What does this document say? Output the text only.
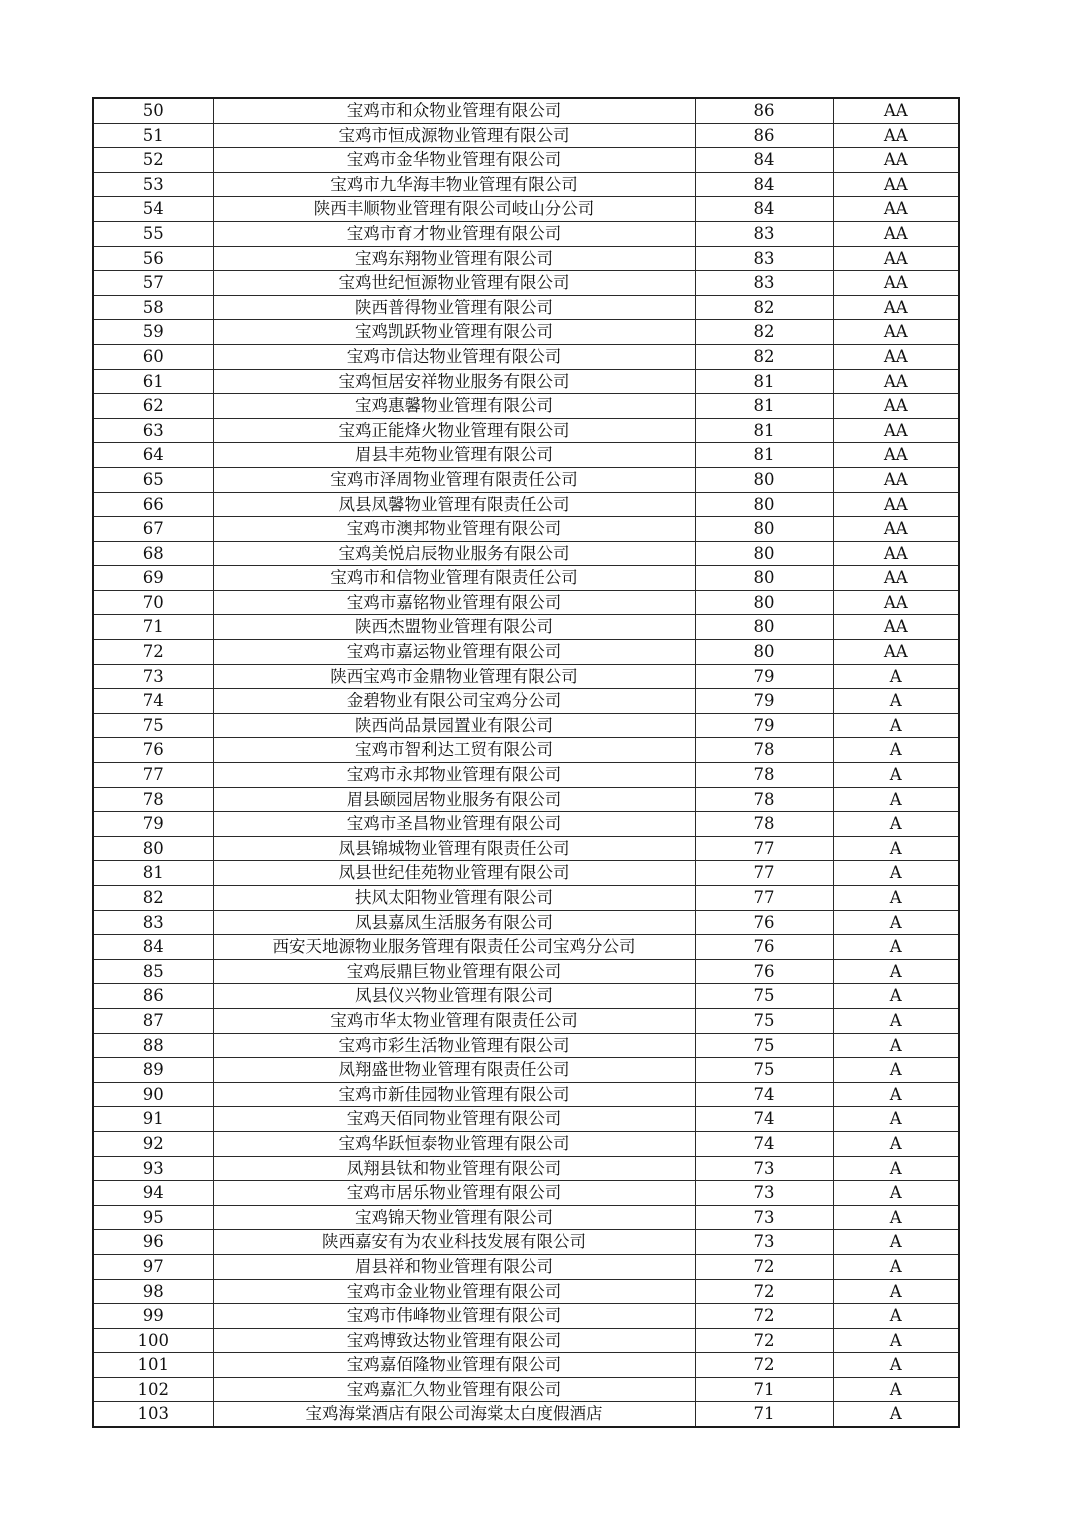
50	宝鸡市和众物业管理有限公司	86	AA
51	宝鸡市恒成源物业管理有限公司	86	AA
52	宝鸡市金华物业管理有限公司	84	AA
53	宝鸡市九华海丰物业管理有限公司	84	AA
54	陕西丰顺物业管理有限公司岐山分公司	84	AA
55	宝鸡市育才物业管理有限公司	83	AA
56	宝鸡东翔物业管理有限公司	83	AA
57	宝鸡世纪恒源物业管理有限公司	83	AA
58	陕西普得物业管理有限公司	82	AA
59	宝鸡凯跃物业管理有限公司	82	AA
60	宝鸡市信达物业管理有限公司	82	AA
61	宝鸡恒居安祥物业服务有限公司	81	AA
62	宝鸡惠馨物业管理有限公司	81	AA
63	宝鸡正能烽火物业管理有限公司	81	AA
64	眉县丰苑物业管理有限公司	81	AA
65	宝鸡市泽周物业管理有限责任公司	80	AA
66	凤县凤馨物业管理有限责任公司	80	AA
67	宝鸡市澳邦物业管理有限公司	80	AA
68	宝鸡美悦启辰物业服务有限公司	80	AA
69	宝鸡市和信物业管理有限责任公司	80	AA
70	宝鸡市嘉铭物业管理有限公司	80	AA
71	陕西杰盟物业管理有限公司	80	AA
72	宝鸡市嘉运物业管理有限公司	80	AA
73	陕西宝鸡市金鼎物业管理有限公司	79	A
74	金碧物业有限公司宝鸡分公司	79	A
75	陕西尚品景园置业有限公司	79	A
76	宝鸡市智利达工贸有限公司	78	A
77	宝鸡市永邦物业管理有限公司	78	A
78	眉县颐园居物业服务有限公司	78	A
79	宝鸡市圣昌物业管理有限公司	78	A
80	凤县锦城物业管理有限责任公司	77	A
81	凤县世纪佳苑物业管理有限公司	77	A
82	扶风太阳物业管理有限公司	77	A
83	凤县嘉凤生活服务有限公司	76	A
84	西安天地源物业服务管理有限责任公司宝鸡分公司	76	A
85	宝鸡辰鼎巨物业管理有限公司	76	A
86	凤县仪兴物业管理有限公司	75	A
87	宝鸡市华太物业管理有限责任公司	75	A
88	宝鸡市彩生活物业管理有限公司	75	A
89	凤翔盛世物业管理有限责任公司	75	A
90	宝鸡市新佳园物业管理有限公司	74	A
91	宝鸡天佰同物业管理有限公司	74	A
92	宝鸡华跃恒泰物业管理有限公司	74	A
93	凤翔县钛和物业管理有限公司	73	A
94	宝鸡市居乐物业管理有限公司	73	A
95	宝鸡锦天物业管理有限公司	73	A
96	陕西嘉安有为农业科技发展有限公司	73	A
97	眉县祥和物业管理有限公司	72	A
98	宝鸡市金业物业管理有限公司	72	A
99	宝鸡市伟峰物业管理有限公司	72	A
100	宝鸡博致达物业管理有限公司	72	A
101	宝鸡嘉佰隆物业管理有限公司	72	A
102	宝鸡嘉汇久物业管理有限公司	71	A
103	宝鸡海棠酒店有限公司海棠太白度假酒店	71	A
